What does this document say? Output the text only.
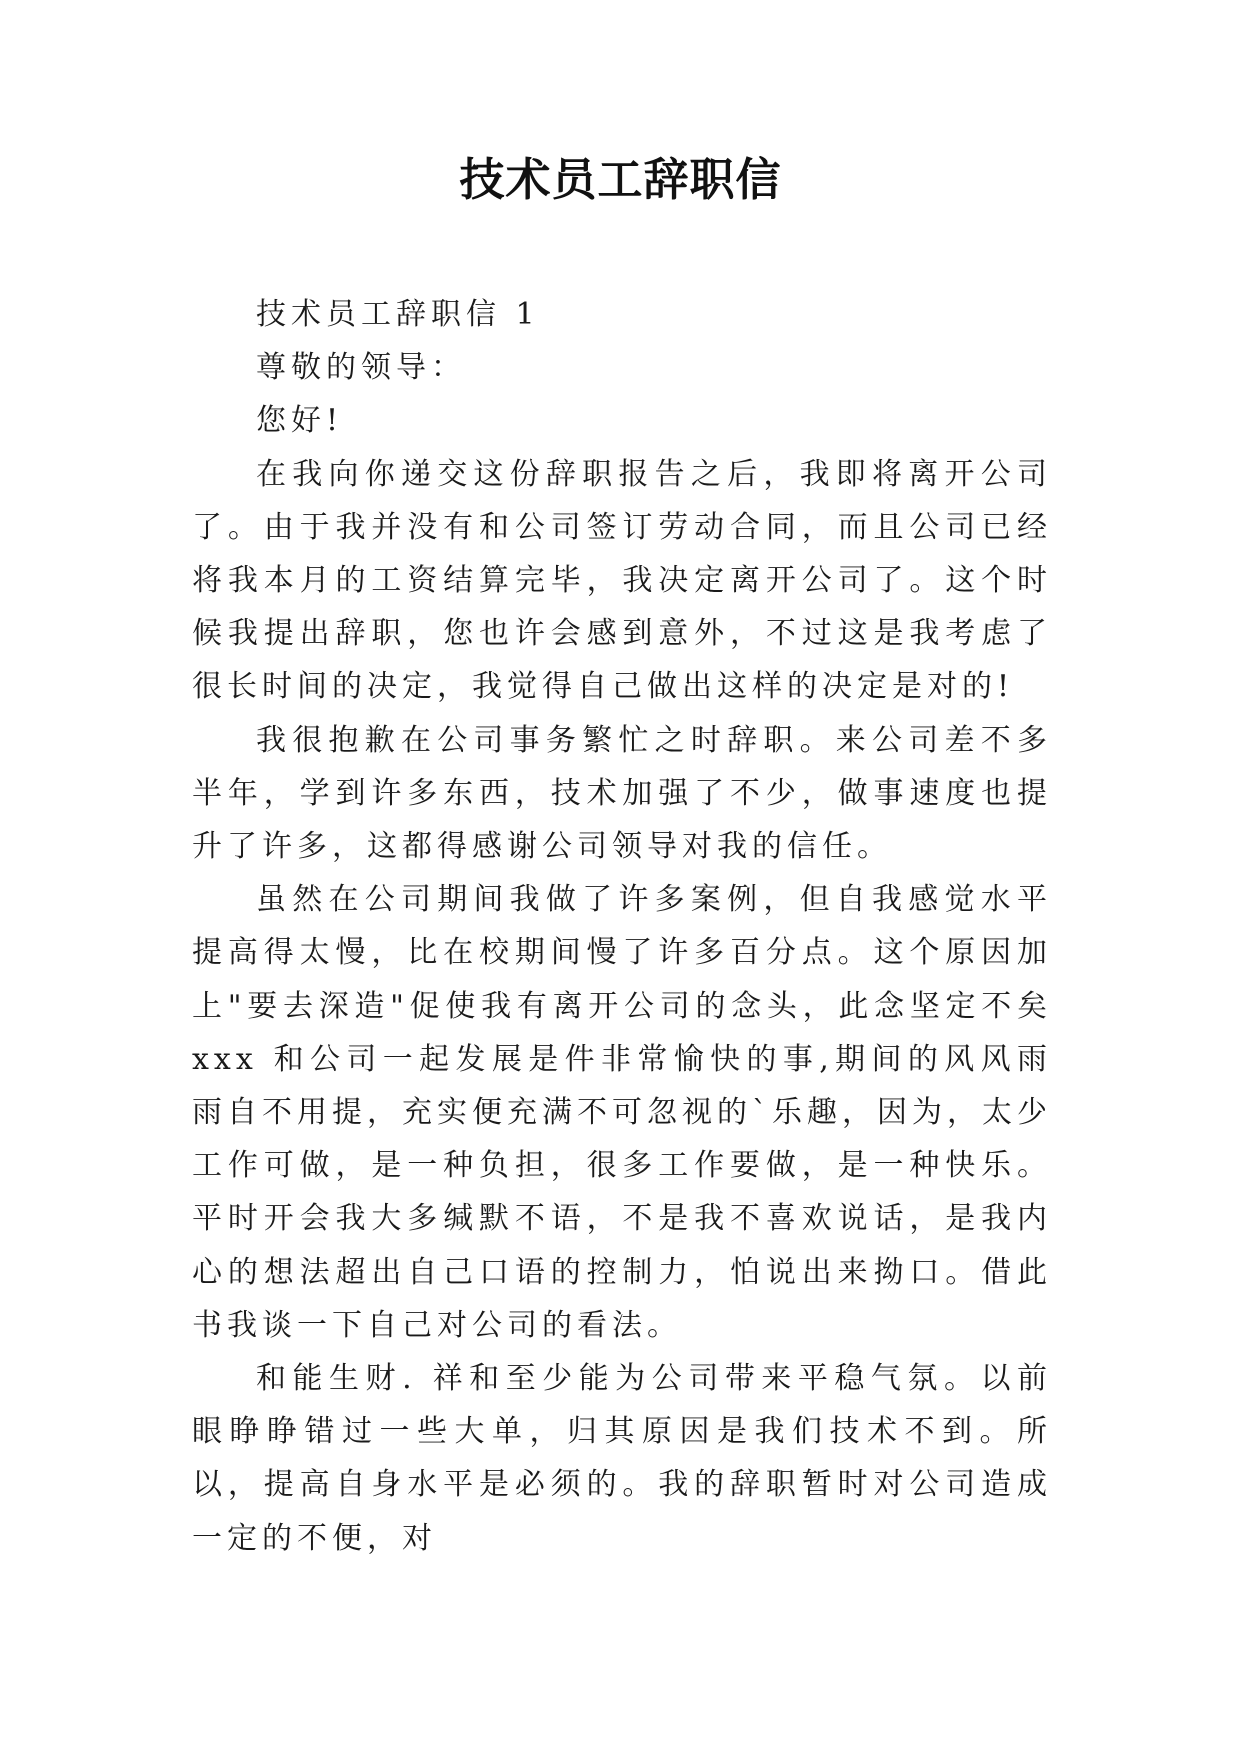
技术员工辞职信

技术员工辞职信 1

尊敬的领导：

您好!

在我向你递交这份辞职报告之后，我即将离开公司了。由于我并没有和公司签订劳动合同，而且公司已经将我本月的工资结算完毕，我决定离开公司了。这个时候我提出辞职，您也许会感到意外，不过这是我考虑了很长时间的决定，我觉得自己做出这样的决定是对的!

我很抱歉在公司事务繁忙之时辞职。来公司差不多半年，学到许多东西，技术加强了不少，做事速度也提升了许多，这都得感谢公司领导对我的信任。

虽然在公司期间我做了许多案例，但自我感觉水平提高得太慢，比在校期间慢了许多百分点。这个原因加上"要去深造"促使我有离开公司的念头，此念坚定不矣 xxx 和公司一起发展是件非常愉快的事,期间的风风雨雨自不用提，充实便充满不可忽视的`乐趣，因为，太少工作可做，是一种负担，很多工作要做，是一种快乐。平时开会我大多缄默不语，不是我不喜欢说话，是我内心的想法超出自己口语的控制力，怕说出来拗口。借此书我谈一下自己对公司的看法。

和能生财. 祥和至少能为公司带来平稳气氛。以前眼睁睁错过一些大单，归其原因是我们技术不到。所以，提高自身水平是必须的。我的辞职暂时对公司造成一定的不便，对
